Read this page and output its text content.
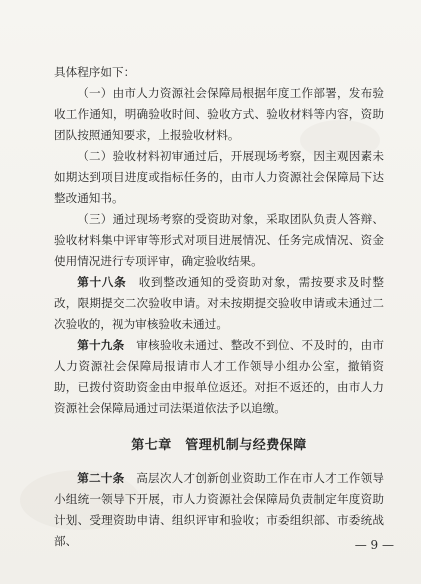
具体程序如下：

（一）由市人力资源社会保障局根据年度工作部署，发布验收工作通知，明确验收时间、验收方式、验收材料等内容，资助团队按照通知要求，上报验收材料。

（二）验收材料初审通过后，开展现场考察，因主观因素未如期达到项目进度或指标任务的，由市人力资源社会保障局下达整改通知书。

（三）通过现场考察的受资助对象，采取团队负责人答辩、验收材料集中评审等形式对项目进展情况、任务完成情况、资金使用情况进行专项评审，确定验收结果。

第十八条　 收到整改通知的受资助对象，需按要求及时整改，限期提交二次验收申请。对未按期提交验收申请或未通过二次验收的，视为审核验收未通过。

第十九条　 审核验收未通过、整改不到位、不及时的，由市人力资源社会保障局报请市人才工作领导小组办公室，撤销资助，已拨付资助资金由申报单位返还。对拒不返还的，由市人力资源社会保障局通过司法渠道依法予以追缴。

第七章　管理机制与经费保障

第二十条　 高层次人才创新创业资助工作在市人才工作领导小组统一领导下开展，市人力资源社会保障局负责制定年度资助计划、受理资助申请、组织评审和验收；市委组织部、市委统战部、	— 9 —
